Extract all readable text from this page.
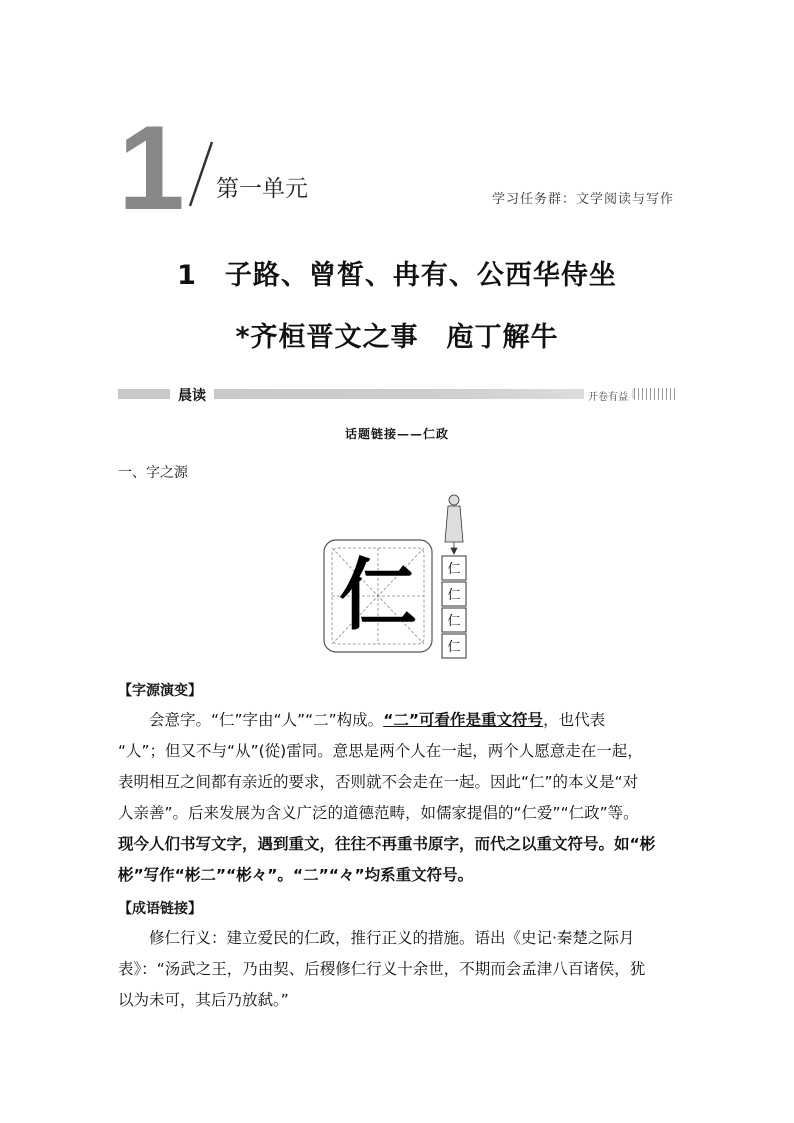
1 第一单元	学习任务群：文学阅读与写作
1　子路、曾皙、冉有、公西华侍坐
*齐桓晋文之事　庖丁解牛
晨读	开卷有益
话题链接——仁政
一、字之源
仁 仁
仁
仁
仁
【字源演变】
会意字。“仁”字由“人”“二”构成。“二”可看作是重文符号，也代表
“人”；但又不与“从”(從)雷同。意思是两个人在一起，两个人愿意走在一起，
表明相互之间都有亲近的要求，否则就不会走在一起。因此“仁”的本义是“对
人亲善”。后来发展为含义广泛的道德范畴，如儒家提倡的“仁爱”“仁政”等。
现今人们书写文字，遇到重文，往往不再重书原字，而代之以重文符号。如“彬
彬”写作“彬二”“彬々”。“二”“々”均系重文符号。
【成语链接】
修仁行义：建立爱民的仁政，推行正义的措施。语出《史记·秦楚之际月
表》：“汤武之王，乃由契、后稷修仁行义十余世，不期而会孟津八百诸侯，犹
以为未可，其后乃放弑。”
